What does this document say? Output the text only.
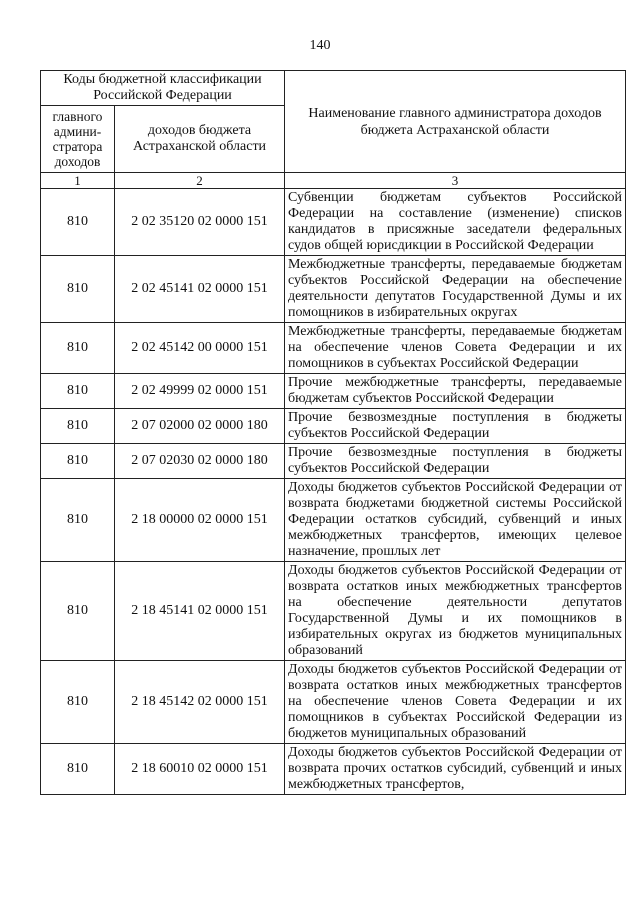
140
Коды бюджетной классификации Российской Федерации		Наименование главного администратора доходов бюджета Астраханской области
главного админи-стратора доходов	доходов бюджета Астраханской области	
1	2	3
810	2 02 35120 02 0000 151	Субвенции бюджетам субъектов Российской Федерации на составление (изменение) списков кандидатов в присяжные заседатели федеральных судов общей юрисдикции в Российской Федерации
810	2 02 45141 02 0000 151	Межбюджетные трансферты, передаваемые бюджетам субъектов Российской Федерации на обеспечение деятельности депутатов Государственной Думы и их помощников в избирательных округах
810	2 02 45142 00 0000 151	Межбюджетные трансферты, передаваемые бюджетам на обеспечение членов Совета Федерации и их помощников в субъектах Российской Федерации
810	2 02 49999 02 0000 151	Прочие межбюджетные трансферты, передаваемые бюджетам субъектов Российской Федерации
810	2 07 02000 02 0000 180	Прочие безвозмездные поступления в бюджеты субъектов Российской Федерации
810	2 07 02030 02 0000 180	Прочие безвозмездные поступления в бюджеты субъектов Российской Федерации
810	2 18 00000 02 0000 151	Доходы бюджетов субъектов Российской Федерации от возврата бюджетами бюджетной системы Российской Федерации остатков субсидий, субвенций и иных межбюджетных трансфертов, имеющих целевое назначение, прошлых лет
810	2 18 45141 02 0000 151	Доходы бюджетов субъектов Российской Федерации от возврата остатков иных межбюджетных трансфертов на обеспечение деятельности депутатов Государственной Думы и их помощников в избирательных округах из бюджетов муниципальных образований
810	2 18 45142 02 0000 151	Доходы бюджетов субъектов Российской Федерации от возврата остатков иных межбюджетных трансфертов на обеспечение членов Совета Федерации и их помощников в субъектах Российской Федерации из бюджетов муниципальных образований
810	2 18 60010 02 0000 151	Доходы бюджетов субъектов Российской Федерации от возврата прочих остатков субсидий, субвенций и иных межбюджетных трансфертов,
